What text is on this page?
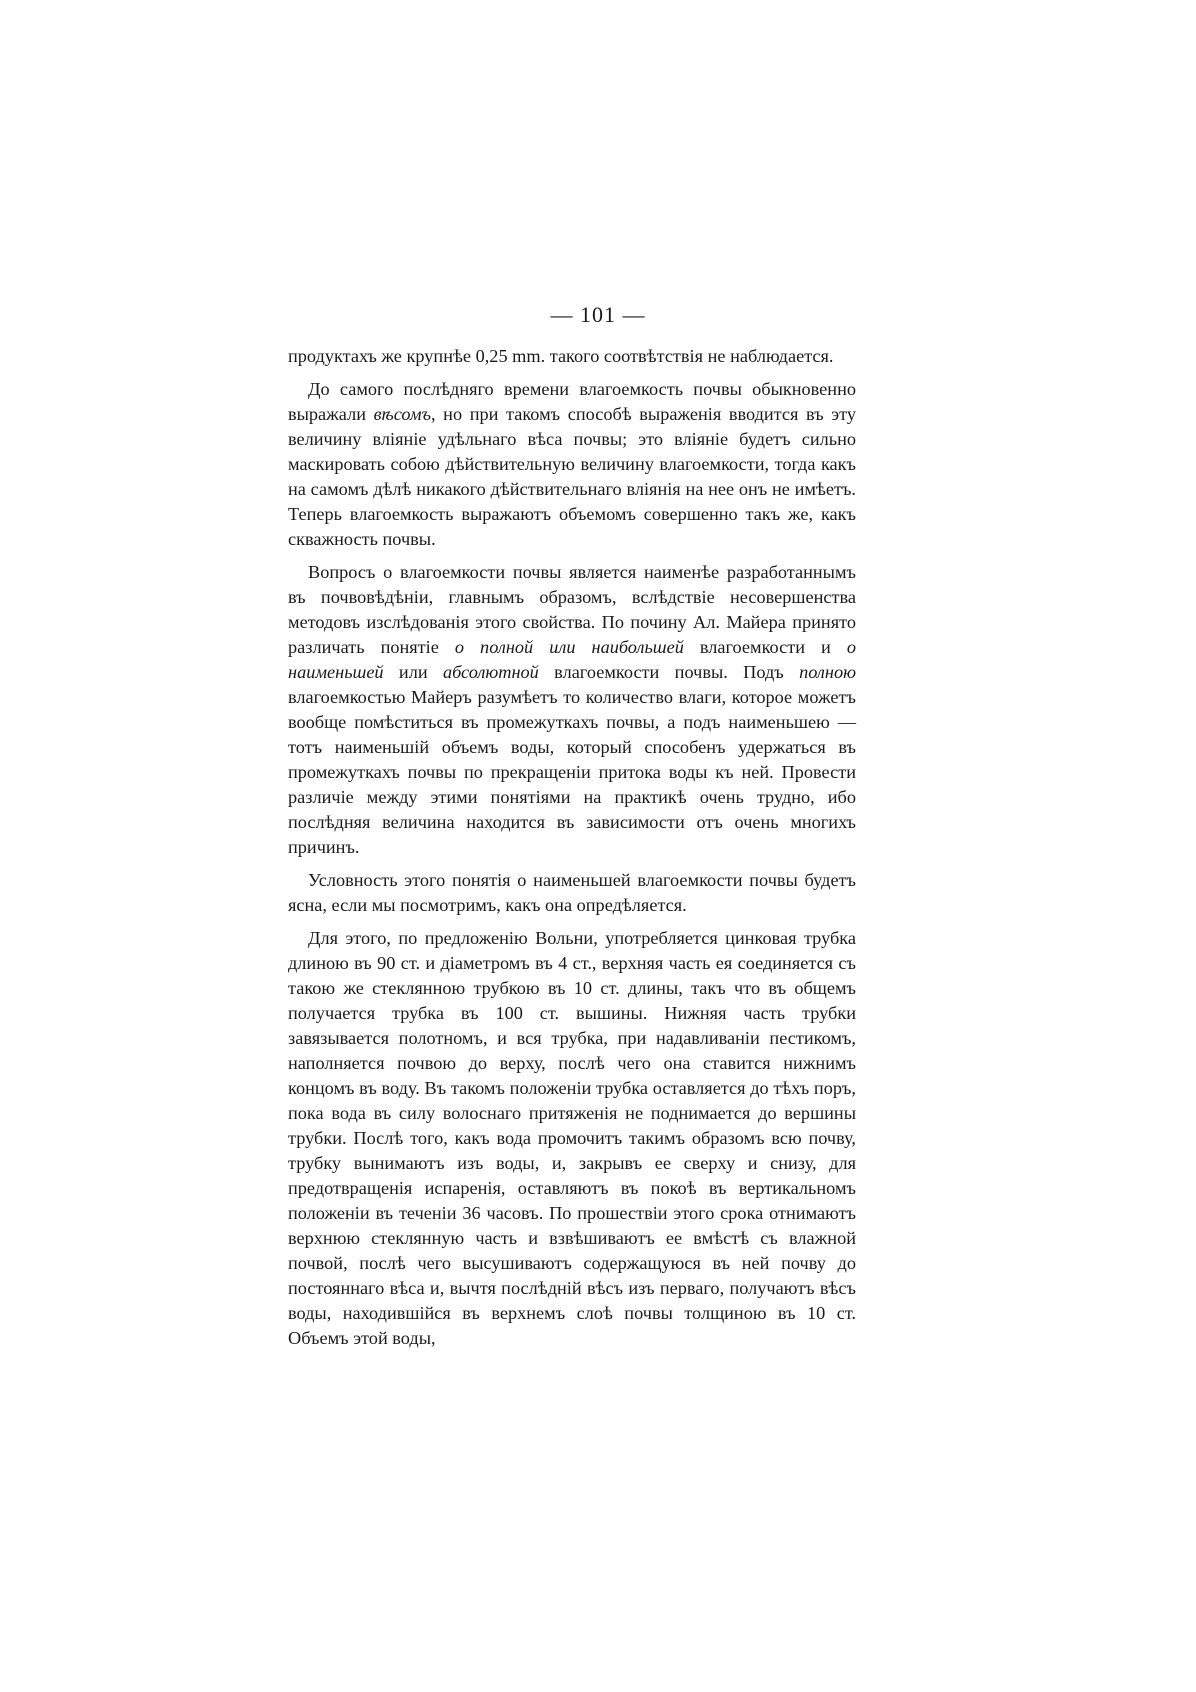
— 101 —

продуктахъ же крупнѣе 0,25 mm. такого соотвѣтствія не наблюдается.

До самого послѣдняго времени влагоемкость почвы обыкновенно выражали вѣсомъ, но при такомъ способѣ выраженія вводится въ эту величину вліяніе удѣльнаго вѣса почвы; это вліяніе будетъ сильно маскировать собою дѣйствительную величину влагоемкости, тогда какъ на самомъ дѣлѣ никакого дѣйствительнаго вліянія на нее онъ не имѣетъ. Теперь влагоемкость выражаютъ объемомъ совершенно такъ же, какъ скважность почвы.

Вопросъ о влагоемкости почвы является наименѣе разработаннымъ въ почвовѣдѣніи, главнымъ образомъ, вслѣдствіе несовершенства методовъ изслѣдованія этого свойства. По почину Ал. Майера принято различать понятіе о полной или наибольшей влагоемкости и о наименьшей или абсолютной влагоемкости почвы. Подъ полною влагоемкостью Майеръ разумѣетъ то количество влаги, которое можетъ вообще помѣститься въ промежуткахъ почвы, а подъ наименьшею — тотъ наименьшій объемъ воды, который способенъ удержаться въ промежуткахъ почвы по прекращеніи притока воды къ ней. Провести различіе между этими понятіями на практикѣ очень трудно, ибо послѣдняя величина находится въ зависимости отъ очень многихъ причинъ.

Условность этого понятія о наименьшей влагоемкости почвы будетъ ясна, если мы посмотримъ, какъ она опредѣляется.

Для этого, по предложенію Вольни, употребляется цинковая трубка длиною въ 90 ст. и діаметромъ въ 4 ст., верхняя часть ея соединяется съ такою же стеклянною трубкою въ 10 ст. длины, такъ что въ общемъ получается трубка въ 100 ст. вышины. Нижняя часть трубки завязывается полотномъ, и вся трубка, при надавливаніи пестикомъ, наполняется почвою до верху, послѣ чего она ставится нижнимъ концомъ въ воду. Въ такомъ положеніи трубка оставляется до тѣхъ поръ, пока вода въ силу волоснаго притяженія не поднимается до вершины трубки. Послѣ того, какъ вода промочитъ такимъ образомъ всю почву, трубку вынимаютъ изъ воды, и, закрывъ ее сверху и снизу, для предотвращенія испаренія, оставляютъ въ покоѣ въ вертикальномъ положеніи въ теченіи 36 часовъ. По прошествіи этого срока отнимаютъ верхнюю стеклянную часть и взвѣшиваютъ ее вмѣстѣ съ влажной почвой, послѣ чего высушиваютъ содержащуюся въ ней почву до постояннаго вѣса и, вычтя послѣдній вѣсъ изъ перваго, получаютъ вѣсъ воды, находившійся въ верхнемъ слоѣ почвы толщиною въ 10 ст. Объемъ этой воды,
